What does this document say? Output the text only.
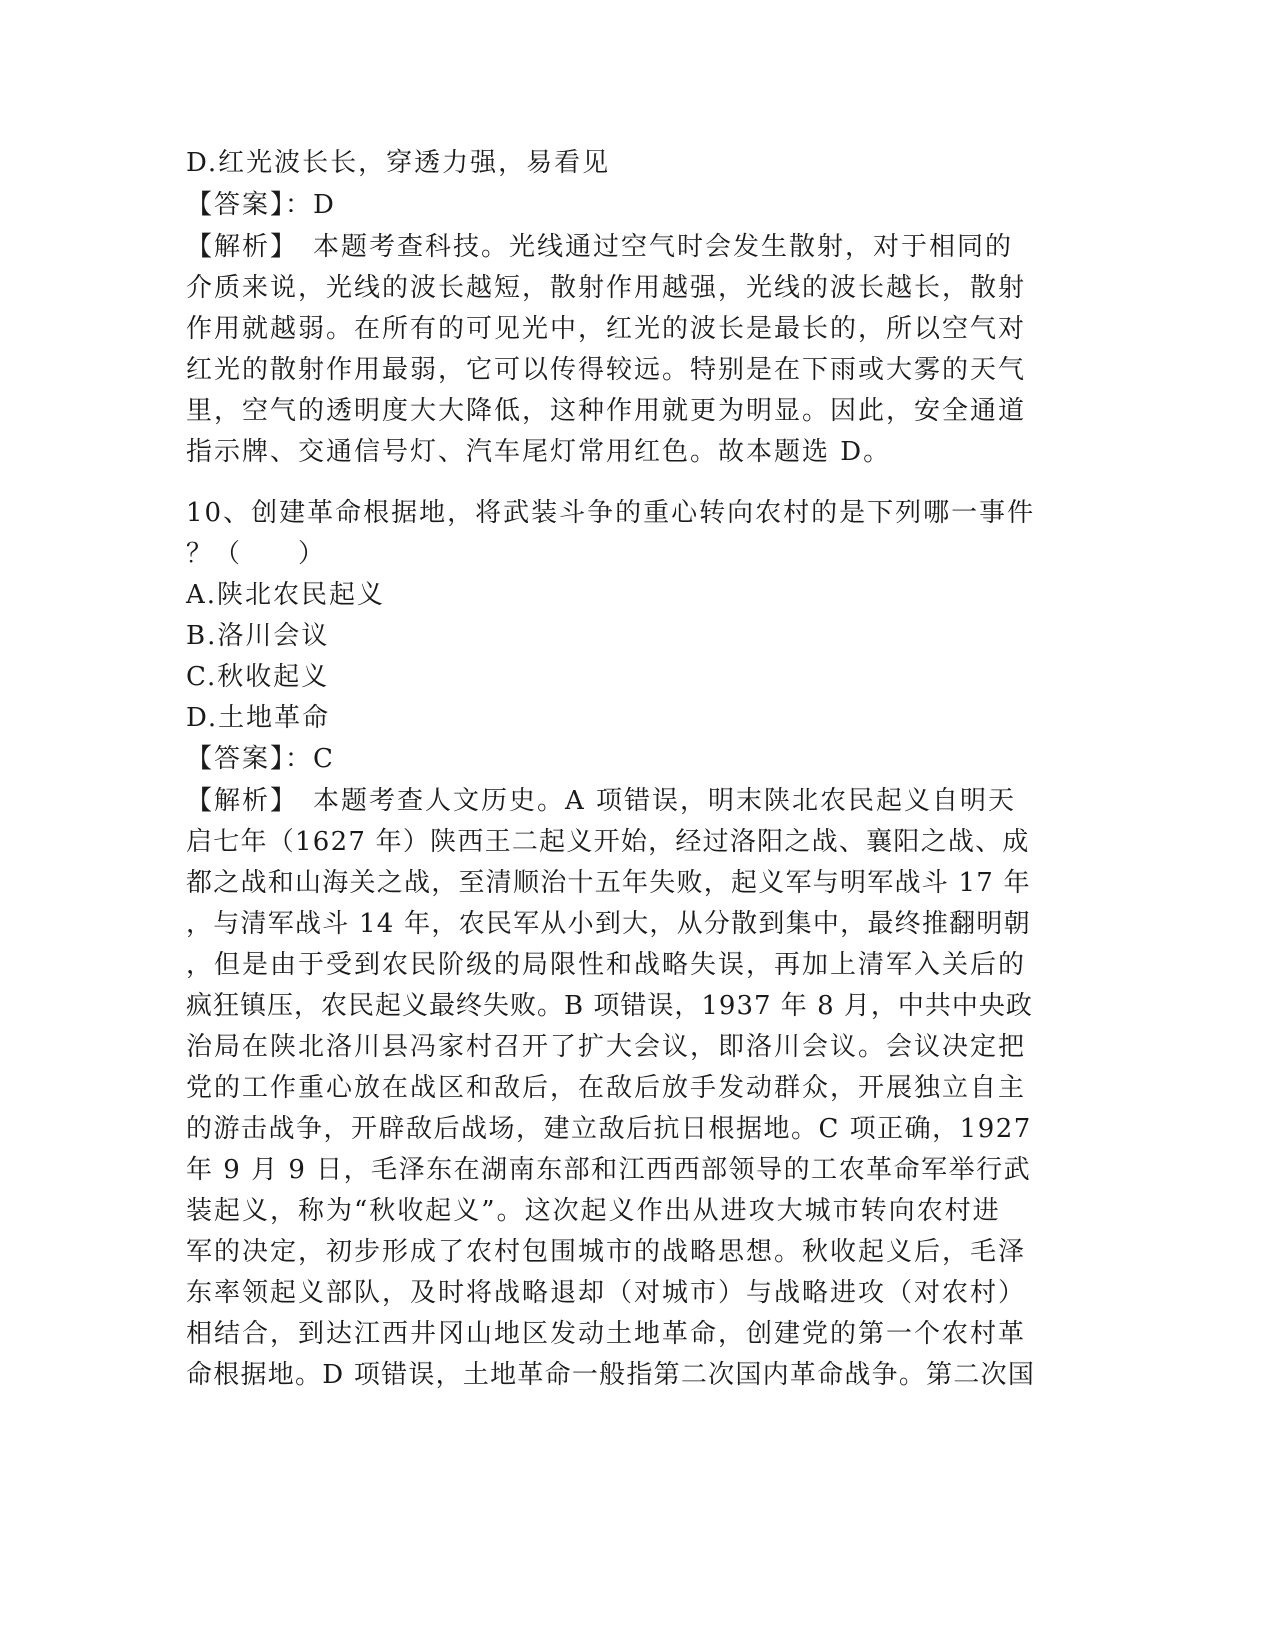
D.红光波长长，穿透力强，易看见
【答案】：D
【解析】　本题考查科技。光线通过空气时会发生散射，对于相同的
介质来说，光线的波长越短，散射作用越强，光线的波长越长，散射
作用就越弱。在所有的可见光中，红光的波长是最长的，所以空气对
红光的散射作用最弱，它可以传得较远。特别是在下雨或大雾的天气
里，空气的透明度大大降低，这种作用就更为明显。因此，安全通道
指示牌、交通信号灯、汽车尾灯常用红色。故本题选 D。
10、创建革命根据地，将武装斗争的重心转向农村的是下列哪一事件
？（　　）
A.陕北农民起义
B.洛川会议
C.秋收起义
D.土地革命
【答案】：C
【解析】　本题考查人文历史。A 项错误，明末陕北农民起义自明天
启七年（1627 年）陕西王二起义开始，经过洛阳之战、襄阳之战、成
都之战和山海关之战，至清顺治十五年失败，起义军与明军战斗 17 年
，与清军战斗 14 年，农民军从小到大，从分散到集中，最终推翻明朝
，但是由于受到农民阶级的局限性和战略失误，再加上清军入关后的
疯狂镇压，农民起义最终失败。B 项错误，1937 年 8 月，中共中央政
治局在陕北洛川县冯家村召开了扩大会议，即洛川会议。会议决定把
党的工作重心放在战区和敌后，在敌后放手发动群众，开展独立自主
的游击战争，开辟敌后战场，建立敌后抗日根据地。C 项正确，1927
年 9 月 9 日，毛泽东在湖南东部和江西西部领导的工农革命军举行武
装起义，称为“秋收起义”。这次起义作出从进攻大城市转向农村进
军的决定，初步形成了农村包围城市的战略思想。秋收起义后，毛泽
东率领起义部队，及时将战略退却（对城市）与战略进攻（对农村）
相结合，到达江西井冈山地区发动土地革命，创建党的第一个农村革
命根据地。D 项错误，土地革命一般指第二次国内革命战争。第二次国
